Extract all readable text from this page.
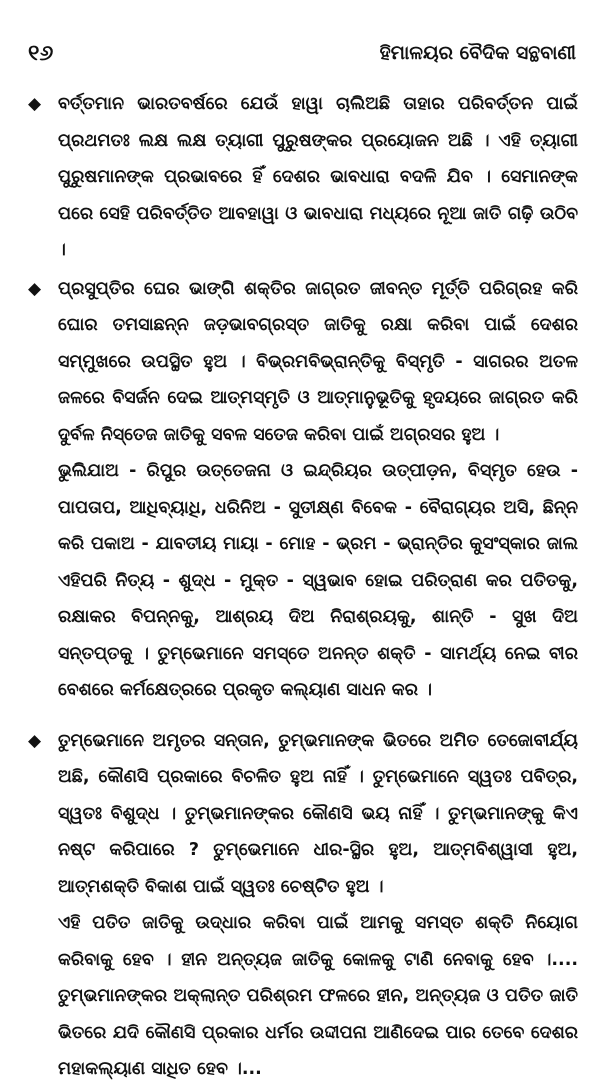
୧୬	ହିମାଳୟର ବୈଦିକ ସନ୍ଥବାଣୀ
◆ ବର୍ତ୍ତମାନ ଭାରତବର୍ଷରେ ଯେଉଁ ହାୱା ଚାଲିଅଛି ତାହାର ପରିବର୍ତ୍ତନ ପାଇଁ ପ୍ରଥମତଃ ଲକ୍ଷ ଲକ୍ଷ ତ୍ୟାଗୀ ପୁରୁଷଙ୍କର ପ୍ରୟୋଜନ ଅଛି । ଏହି ତ୍ୟାଗୀ ପୁରୁଷମାନଙ୍କ ପ୍ରଭାବରେ ହିଁ ଦେଶର ଭାବଧାରା ବଦଳି ଯିବ । ସେମାନଙ୍କ ପରେ ସେହି ପରିବର୍ତ୍ତିତ ଆବହାୱା ଓ ଭାବଧାରା ମଧ୍ୟରେ ନୂଆ ଜାତି ଗଢ଼ି ଉଠିବ ।

◆ ପ୍ରସୁପ୍ତିର ଘେର ଭାଙ୍ଗି ଶକ୍ତିର ଜାଗ୍ରତ ଜୀବନ୍ତ ମୂର୍ତ୍ତି ପରିଗ୍ରହ କରି ଘୋର ତମସାଛନ୍ନ ଜଡ଼ଭାବଗ୍ରସ୍ତ ଜାତିକୁ ରକ୍ଷା କରିବା ପାଇଁ ଦେଶର ସମ୍ମୁଖରେ ଉପସ୍ଥିତ ହୁଅ । ବିଭ୍ରମବିଭ୍ରାନ୍ତିକୁ ବିସ୍ମୃତି - ସାଗରର ଅତଳ ଜଳରେ ବିସର୍ଜନ ଦେଇ ଆତ୍ମସ୍ମୃତି ଓ ଆତ୍ମାନୁଭୂତିକୁ ହୃଦୟରେ ଜାଗ୍ରତ କରି ଦୁର୍ବଳ ନିସ୍ତେଜ ଜାତିକୁ ସବଳ ସତେଜ କରିବା ପାଇଁ ଅଗ୍ରସର ହୁଅ ।

ଭୁଲିଯାଅ - ରିପୁର ଉତ୍ତେଜନା ଓ ଇନ୍ଦ୍ରିୟର ଉତ୍ପୀଡ଼ନ, ବିସ୍ମୃତ ହେଉ - ପାପତାପ, ଆଧିବ୍ୟାଧି, ଧରିନିଅ - ସୁତୀକ୍ଷ୍ଣ ବିବେକ - ବୈରାଗ୍ୟର ଅସି, ଛିନ୍ନ କରି ପକାଅ - ଯାବତୀୟ ମାୟା - ମୋହ - ଭ୍ରମ - ଭ୍ରାନ୍ତିର କୁସଂସ୍କାର ଜାଲ ଏହିପରି ନିତ୍ୟ - ଶୁଦ୍ଧ - ମୁକ୍ତ - ସ୍ୱଭାବ ହୋଇ ପରିତ୍ରାଣ କର ପତିତକୁ, ରକ୍ଷାକର ବିପନ୍ନକୁ, ଆଶ୍ରୟ ଦିଅ ନିରାଶ୍ରୟକୁ, ଶାନ୍ତି - ସୁଖ ଦିଅ ସନ୍ତପ୍ତକୁ । ତୁମ୍ଭେମାନେ ସମସ୍ତେ ଅନନ୍ତ ଶକ୍ତି - ସାମର୍ଥ୍ୟ ନେଇ ବୀର ବେଶରେ କର୍ମକ୍ଷେତ୍ରରେ ପ୍ରକୃତ କଲ୍ୟାଣ ସାଧନ କର ।

◆ ତୁମ୍ଭେମାନେ ଅମୃତର ସନ୍ତାନ, ତୁମ୍ଭମାନଙ୍କ ଭିତରେ ଅମିତ ତେଜୋବୀର୍ଯ୍ୟ ଅଛି, କୌଣସି ପ୍ରକାରେ ବିଚଳିତ ହୁଅ ନାହିଁ । ତୁମ୍ଭେମାନେ ସ୍ୱତଃ ପବିତ୍ର, ସ୍ୱତଃ ବିଶୁଦ୍ଧ । ତୁମ୍ଭମାନଙ୍କର କୌଣସି ଭୟ ନାହିଁ । ତୁମ୍ଭମାନଙ୍କୁ କିଏ ନଷ୍ଟ କରିପାରେ ? ତୁମ୍ଭେମାନେ ଧୀର-ସ୍ଥିର ହୁଅ, ଆତ୍ମବିଶ୍ୱାସୀ ହୁଅ, ଆତ୍ମଶକ୍ତି ବିକାଶ ପାଇଁ ସ୍ୱତଃ ଚେଷ୍ଟିତ ହୁଅ ।

ଏହି ପତିତ ଜାତିକୁ ଉଦ୍ଧାର କରିବା ପାଇଁ ଆମକୁ ସମସ୍ତ ଶକ୍ତି ନିୟୋଗ କରିବାକୁ ହେବ । ହୀନ ଅନ୍ତ୍ୟଜ ଜାତିକୁ କୋଳକୁ ଟାଣି ନେବାକୁ ହେବ ।.... ତୁମ୍ଭମାନଙ୍କର ଅକ୍ଲାନ୍ତ ପରିଶ୍ରମ ଫଳରେ ହୀନ, ଅନ୍ତ୍ୟଜ ଓ ପତିତ ଜାତି ଭିତରେ ଯଦି କୌଣସି ପ୍ରକାର ଧର୍ମର ଉଦ୍ଦୀପନା ଆଣିଦେଇ ପାର ତେବେ ଦେଶର ମହାକଲ୍ୟାଣ ସାଧିତ ହେବ ।...
